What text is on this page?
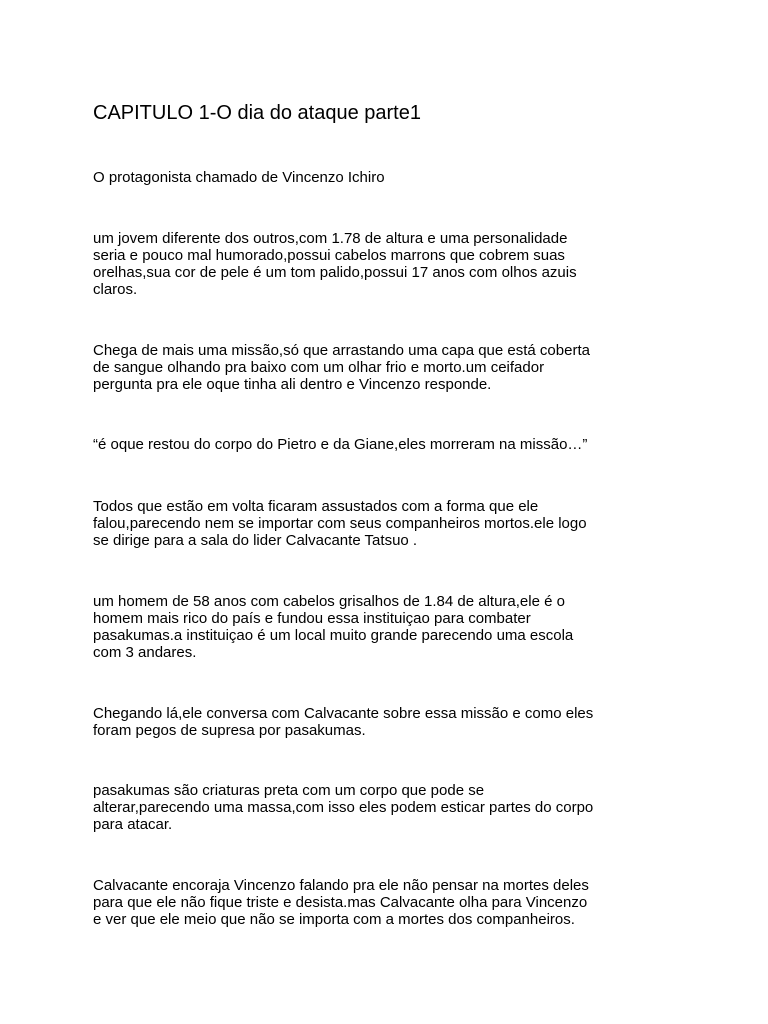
CAPITULO 1-O dia do ataque parte1

O protagonista chamado de Vincenzo Ichiro

um jovem diferente dos outros,com 1.78 de altura e uma personalidade
seria e pouco mal humorado,possui cabelos marrons que cobrem suas
orelhas,sua cor de pele é um tom palido,possui 17 anos com olhos azuis
claros.

Chega de mais uma missão,só que arrastando uma capa que está coberta
de sangue olhando pra baixo com um olhar frio e morto.um ceifador
pergunta pra ele oque tinha ali dentro e Vincenzo responde.

“é oque restou do corpo do Pietro e da Giane,eles morreram na missão…”

Todos que estão em volta ficaram assustados com a forma que ele
falou,parecendo nem se importar com seus companheiros mortos.ele logo
se dirige para a sala do lider Calvacante Tatsuo .

um homem de 58 anos com cabelos grisalhos de 1.84 de altura,ele é o
homem mais rico do país e fundou essa instituiçao para combater
pasakumas.a instituiçao é um local muito grande parecendo uma escola
com 3 andares.

Chegando lá,ele conversa com Calvacante sobre essa missão e como eles
foram pegos de supresa por pasakumas.

pasakumas são criaturas preta com um corpo que pode se
alterar,parecendo uma massa,com isso eles podem esticar partes do corpo
para atacar.

Calvacante encoraja Vincenzo falando pra ele não pensar na mortes deles
para que ele não fique triste e desista.mas Calvacante olha para Vincenzo
e ver que ele meio que não se importa com a mortes dos companheiros.
